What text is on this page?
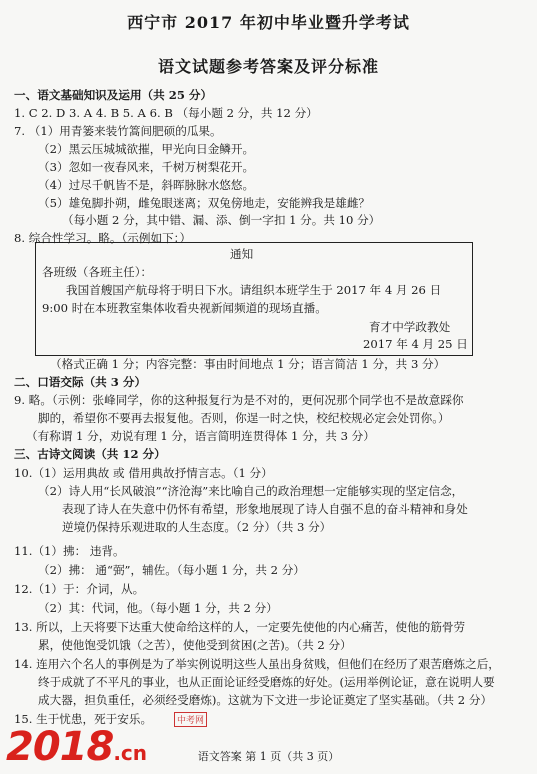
西宁市 2017 年初中毕业暨升学考试
语文试题参考答案及评分标准
一、语文基础知识及运用（共 25 分）
1. C 2. D 3. A 4. B 5. A 6. B （每小题 2 分，共 12 分）
7. （1）用青篓来装竹篙间肥硕的瓜果。
（2）黑云压城城欲摧，甲光向日金鳞开。
（3）忽如一夜春风来，千树万树梨花开。
（4）过尽千帆皆不是，斜晖脉脉水悠悠。
（5）雄兔脚扑朔，雌兔眼迷离；双兔傍地走，安能辨我是雄雌？
（每小题 2 分，其中错、漏、添、倒一字扣 1 分。共 10 分）
8. 综合性学习。略。（示例如下：）
通知
各班级（各班主任）：
我国首艘国产航母将于明日下水。请组织本班学生于 2017 年 4 月 26 日
9:00 时在本班教室集体收看央视新闻频道的现场直播。
育才中学政教处
2017 年 4 月 25 日
（格式正确 1 分；内容完整：事由时间地点 1 分；语言简洁 1 分，共 3 分）
二、口语交际（共 3 分）
9. 略。（示例：张峰同学，你的这种报复行为是不对的，更何况那个同学也不是故意踩你
脚的，希望你不要再去报复他。否则，你逞一时之快，校纪校规必定会处罚你。）
（有称谓 1 分，劝说有理 1 分，语言简明连贯得体 1 分，共 3 分）
三、古诗文阅读（共 12 分）
10.（1）运用典故 或 借用典故抒情言志。（1 分）
（2）诗人用“长风破浪”“济沧海”来比喻自己的政治理想一定能够实现的坚定信念，
表现了诗人在失意中仍怀有希望，形象地展现了诗人自强不息的奋斗精神和身处
逆境仍保持乐观进取的人生态度。（2 分）（共 3 分）
11.（1）拂： 违背。
（2）拂： 通“弼”，辅佐。（每小题 1 分，共 2 分）
12.（1）于：介词，从。
（2）其：代词，他。（每小题 1 分，共 2 分）
13. 所以，上天将要下达重大使命给这样的人，一定要先使他的内心痛苦，使他的筋骨劳
累，使他饱受饥饿（之苦），使他受到贫困(之苦)。（共 2 分）
14. 连用六个名人的事例是为了举实例说明这些人虽出身贫贱，但他们在经历了艰苦磨炼之后，
终于成就了不平凡的事业，也从正面论证经受磨炼的好处。(运用举例论证，意在说明人要
成大器，担负重任，必须经受磨炼)。这就为下文进一步论证奠定了坚实基础。（共 2 分）
15. 生于忧患，死于安乐。	中考网
语文答案 第 1 页（共 3 页）
2018.cn
